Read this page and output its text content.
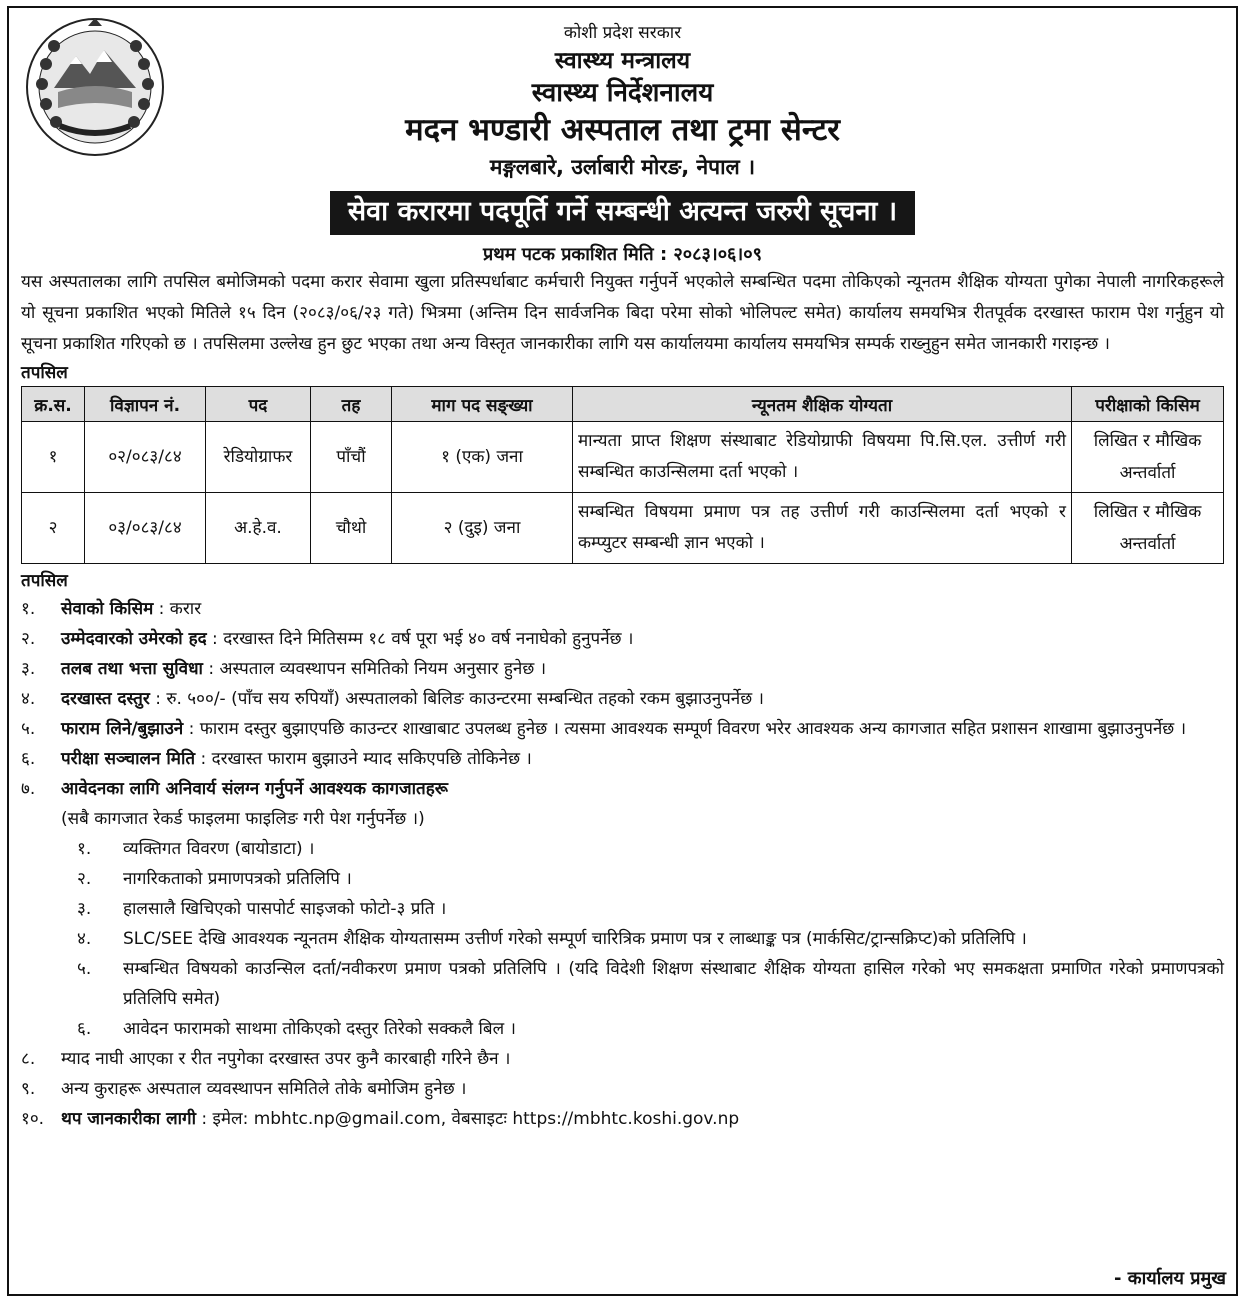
कोशी प्रदेश सरकार
स्वास्थ्य मन्त्रालय
स्वास्थ्य निर्देशनालय
मदन भण्डारी अस्पताल तथा ट्रमा सेन्टर
मङ्गलबारे, उर्लाबारी मोरङ, नेपाल ।
सेवा करारमा पदपूर्ति गर्ने सम्बन्धी अत्यन्त जरुरी सूचना ।
प्रथम पटक प्रकाशित मिति : २०८३।०६।०९
यस अस्पतालका लागि तपसिल बमोजिमको पदमा करार सेवामा खुला प्रतिस्पर्धाबाट कर्मचारी नियुक्त गर्नुपर्ने भएकोले सम्बन्धित पदमा तोकिएको न्यूनतम शैक्षिक योग्यता पुगेका नेपाली नागरिकहरूले यो सूचना प्रकाशित भएको मितिले १५ दिन (२०८३/०६/२३ गते) भित्रमा (अन्तिम दिन सार्वजनिक बिदा परेमा सोको भोलिपल्ट समेत) कार्यालय समयभित्र रीतपूर्वक दरखास्त फाराम पेश गर्नुहुन यो सूचना प्रकाशित गरिएको छ । तपसिलमा उल्लेख हुन छुट भएका तथा अन्य विस्तृत जानकारीका लागि यस कार्यालयमा कार्यालय समयभित्र सम्पर्क राख्नुहुन समेत जानकारी गराइन्छ ।
तपसिल
क्र.स.	विज्ञापन नं.	पद	तह	माग पद सङ्ख्या	न्यूनतम शैक्षिक योग्यता	परीक्षाको किसिम
१	०२/०८३/८४	रेडियोग्राफर	पाँचौं	१ (एक) जना	मान्यता प्राप्त शिक्षण संस्थाबाट रेडियोग्राफी विषयमा पि.सि.एल. उत्तीर्ण गरी सम्बन्धित काउन्सिलमा दर्ता भएको ।	लिखित र मौखिक अन्तर्वार्ता
२	०३/०८३/८४	अ.हे.व.	चौथो	२ (दुइ) जना	सम्बन्धित विषयमा प्रमाण पत्र तह उत्तीर्ण गरी काउन्सिलमा दर्ता भएको र कम्प्युटर सम्बन्धी ज्ञान भएको ।	लिखित र मौखिक अन्तर्वार्ता
तपसिल
१.	सेवाको किसिम : करार
२.	उम्मेदवारको उमेरको हद : दरखास्त दिने मितिसम्म १८ वर्ष पूरा भई ४० वर्ष ननाघेको हुनुपर्नेछ ।
३.	तलब तथा भत्ता सुविधा : अस्पताल व्यवस्थापन समितिको नियम अनुसार हुनेछ ।
४.	दरखास्त दस्तुर : रु. ५००/- (पाँच सय रुपियाँ) अस्पतालको बिलिङ काउन्टरमा सम्बन्धित तहको रकम बुझाउनुपर्नेछ ।
५.	फाराम लिने/बुझाउने : फाराम दस्तुर बुझाएपछि काउन्टर शाखाबाट उपलब्ध हुनेछ । त्यसमा आवश्यक सम्पूर्ण विवरण भरेर आवश्यक अन्य कागजात सहित प्रशासन शाखामा बुझाउनुपर्नेछ ।
६.	परीक्षा सञ्चालन मिति : दरखास्त फाराम बुझाउने म्याद सकिएपछि तोकिनेछ ।
७.	आवेदनका लागि अनिवार्य संलग्न गर्नुपर्ने आवश्यक कागजातहरू
(सबै कागजात रेकर्ड फाइलमा फाइलिङ गरी पेश गर्नुपर्नेछ ।)
१.	व्यक्तिगत विवरण (बायोडाटा) ।
२.	नागरिकताको प्रमाणपत्रको प्रतिलिपि ।
३.	हालसालै खिचिएको पासपोर्ट साइजको फोटो-३ प्रति ।
४.	SLC/SEE देखि आवश्यक न्यूनतम शैक्षिक योग्यतासम्म उत्तीर्ण गरेको सम्पूर्ण चारित्रिक प्रमाण पत्र र लाब्धाङ्क पत्र (मार्कसिट/ट्रान्सक्रिप्ट)को प्रतिलिपि ।
५.	सम्बन्धित विषयको काउन्सिल दर्ता/नवीकरण प्रमाण पत्रको प्रतिलिपि । (यदि विदेशी शिक्षण संस्थाबाट शैक्षिक योग्यता हासिल गरेको भए समकक्षता प्रमाणित गरेको प्रमाणपत्रको प्रतिलिपि समेत)
६.	आवेदन फारामको साथमा तोकिएको दस्तुर तिरेको सक्कलै बिल ।
८.	म्याद नाघी आएका र रीत नपुगेका दरखास्त उपर कुनै कारबाही गरिने छैन ।
९.	अन्य कुराहरू अस्पताल व्यवस्थापन समितिले तोके बमोजिम हुनेछ ।
१०. थप जानकारीका लागी : इमेल: mbhtc.np@gmail.com, वेबसाइटः https://mbhtc.koshi.gov.np
- कार्यालय प्रमुख
